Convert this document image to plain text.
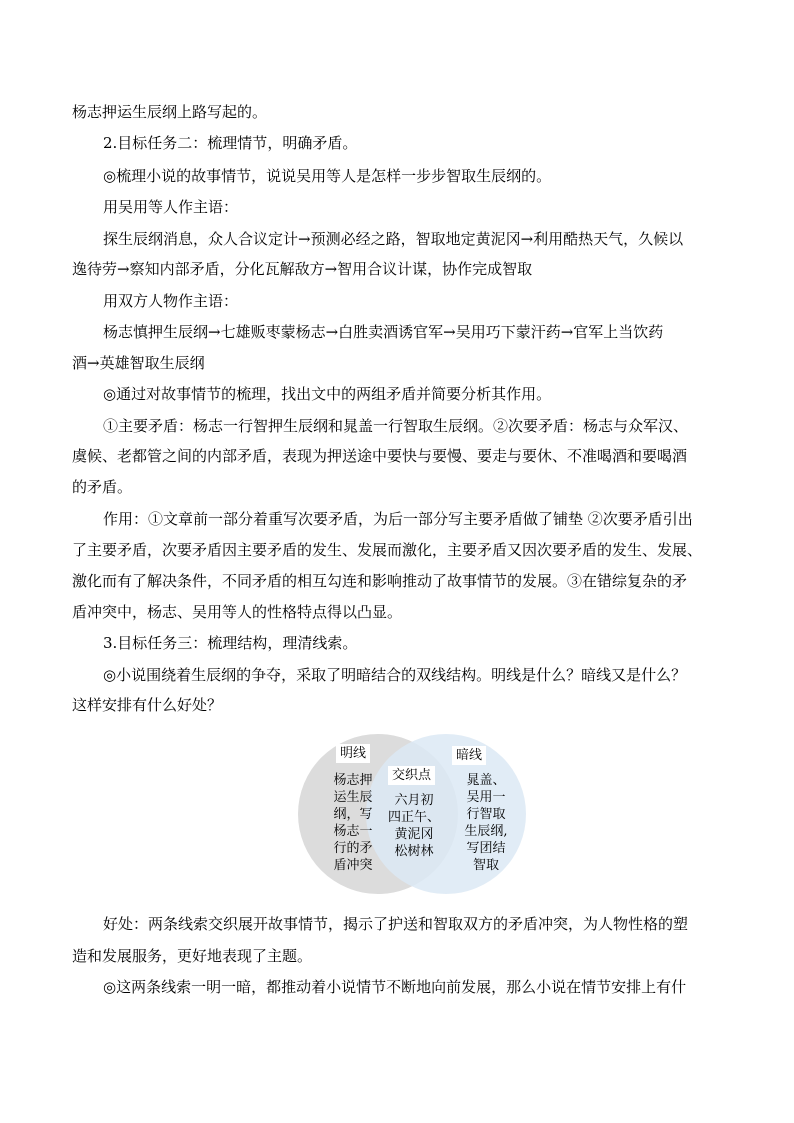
杨志押运生辰纲上路写起的。
2.目标任务二：梳理情节，明确矛盾。
◎梳理小说的故事情节，说说吴用等人是怎样一步步智取生辰纲的。
用吴用等人作主语：
探生辰纲消息，众人合议定计→预测必经之路，智取地定黄泥冈→利用酷热天气，久候以
逸待劳→察知内部矛盾，分化瓦解敌方→智用合议计谋，协作完成智取
用双方人物作主语：
杨志慎押生辰纲→七雄贩枣蒙杨志→白胜卖酒诱官军→吴用巧下蒙汗药→官军上当饮药
酒→英雄智取生辰纲
◎通过对故事情节的梳理，找出文中的两组矛盾并简要分析其作用。
①主要矛盾：杨志一行智押生辰纲和晁盖一行智取生辰纲。②次要矛盾：杨志与众军汉、
虞候、老都管之间的内部矛盾，表现为押送途中要快与要慢、要走与要休、不准喝酒和要喝酒
的矛盾。
作用：①文章前一部分着重写次要矛盾，为后一部分写主要矛盾做了铺垫 ②次要矛盾引出
了主要矛盾，次要矛盾因主要矛盾的发生、发展而激化，主要矛盾又因次要矛盾的发生、发展、
激化而有了解决条件，不同矛盾的相互勾连和影响推动了故事情节的发展。③在错综复杂的矛
盾冲突中，杨志、吴用等人的性格特点得以凸显。
3.目标任务三：梳理结构，理清线索。
◎小说围绕着生辰纲的争夺，采取了明暗结合的双线结构。明线是什么？暗线又是什么？
这样安排有什么好处？
明线
杨志押
运生辰
纲，写
杨志一
行的矛
盾冲突
交织点
六月初
四正午、
黄泥冈
松树林
暗线
晁盖、
吴用一
行智取
生辰纲,
写团结
智取
好处：两条线索交织展开故事情节，揭示了护送和智取双方的矛盾冲突，为人物性格的塑
造和发展服务，更好地表现了主题。
◎这两条线索一明一暗，都推动着小说情节不断地向前发展，那么小说在情节安排上有什
